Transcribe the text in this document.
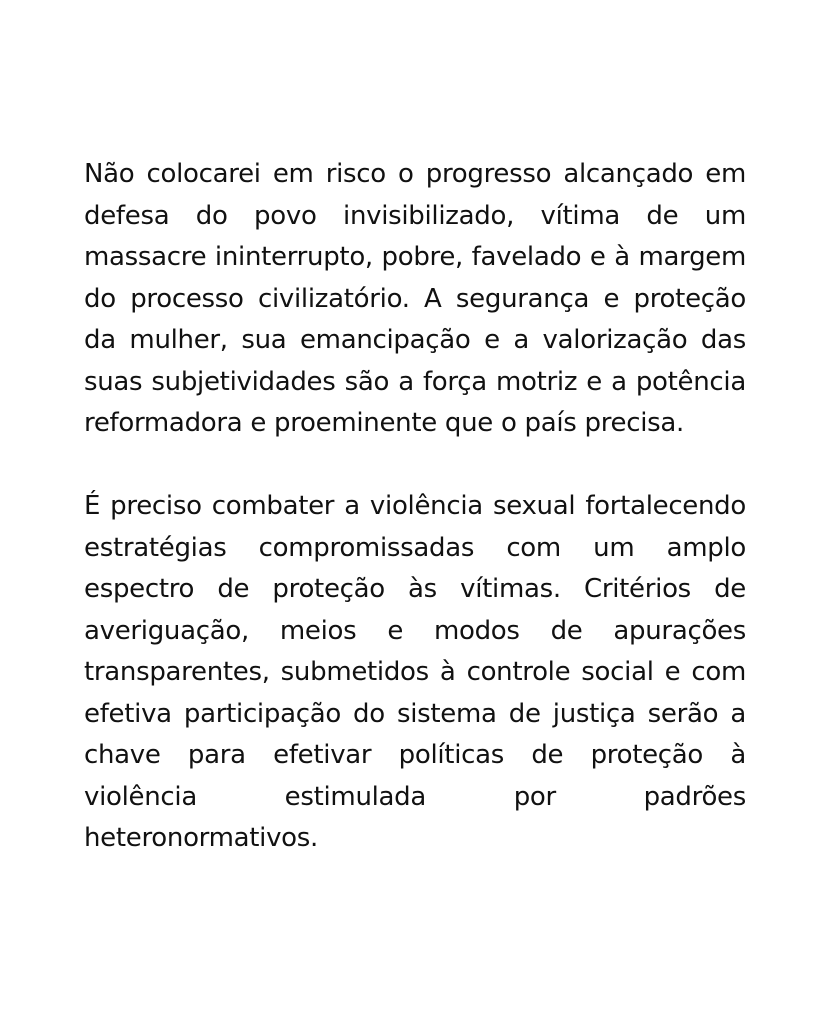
Não colocarei em risco o progresso alcançado em defesa do povo invisibilizado, vítima de um massacre ininterrupto, pobre, favelado e à margem do processo civilizatório. A segurança e proteção da mulher, sua emancipação e a valorização das suas subjetividades são a força motriz e a potência reformadora e proeminente que o país precisa.

É preciso combater a violência sexual fortalecendo estratégias compromissadas com um amplo espectro de proteção às vítimas. Critérios de averiguação, meios e modos de apurações transparentes, submetidos à controle social e com efetiva participação do sistema de justiça serão a chave para efetivar políticas de proteção à violência estimulada por padrões heteronormativos.
